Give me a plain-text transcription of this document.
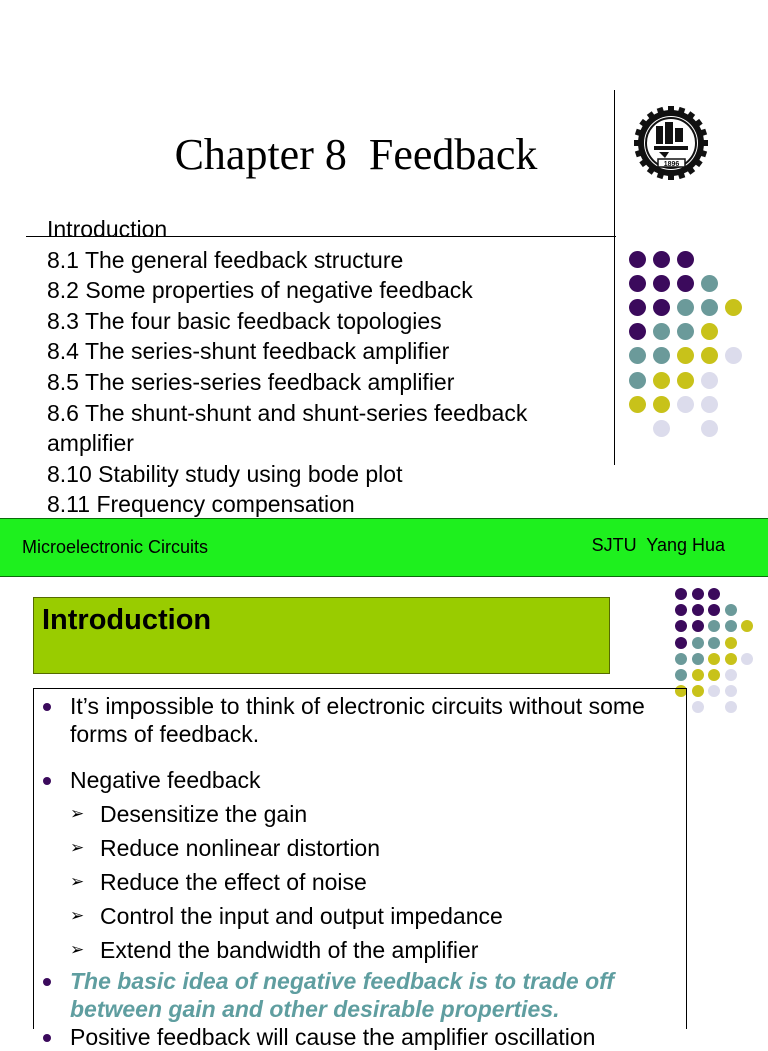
Chapter 8  Feedback	1896
Introduction
8.1 The general feedback structure
8.2 Some properties of negative feedback
8.3 The four basic feedback topologies
8.4 The series-shunt feedback amplifier
8.5 The series-series feedback amplifier
8.6 The shunt-shunt and shunt-series feedback amplifier
8.10 Stability study using bode plot
8.11 Frequency compensation
Microelectronic Circuits	SJTU  Yang Hua
Introduction
It’s impossible to think of electronic circuits without some forms of feedback.
Negative feedback
➢ Desensitize the gain
➢ Reduce nonlinear distortion
➢ Reduce the effect of noise
➢ Control the input and output impedance
➢ Extend the bandwidth of the amplifier
The basic idea of negative feedback is to trade off between gain and other desirable properties.
Positive feedback will cause the amplifier oscillation
